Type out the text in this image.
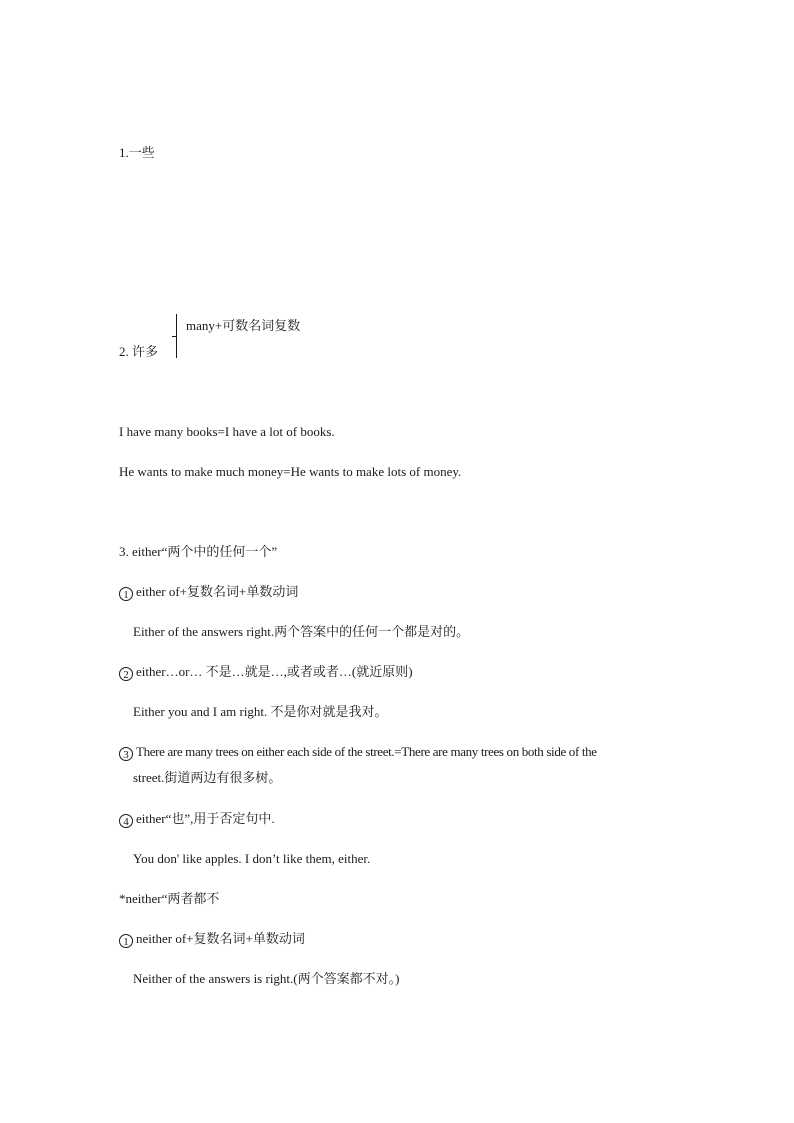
1.一些
2. 许多
many+可数名词复数
I have many books=I have a lot of books.
He wants to make much money=He wants to make lots of money.
3. either“两个中的任何一个”
1 either of+复数名词+单数动词
Either of the answers right.两个答案中的任何一个都是对的。
2 either…or… 不是…就是…,或者或者…(就近原则)
Either you and I am right. 不是你对就是我对。
3 There are many trees on either each side of the street.=There are many trees on both side of the
street.街道两边有很多树。
4 either“也”,用于否定句中.
You don' like apples. I don’t like them, either.
*neither“两者都不
1 neither of+复数名词+单数动词
Neither of the answers is right.(两个答案都不对。)
